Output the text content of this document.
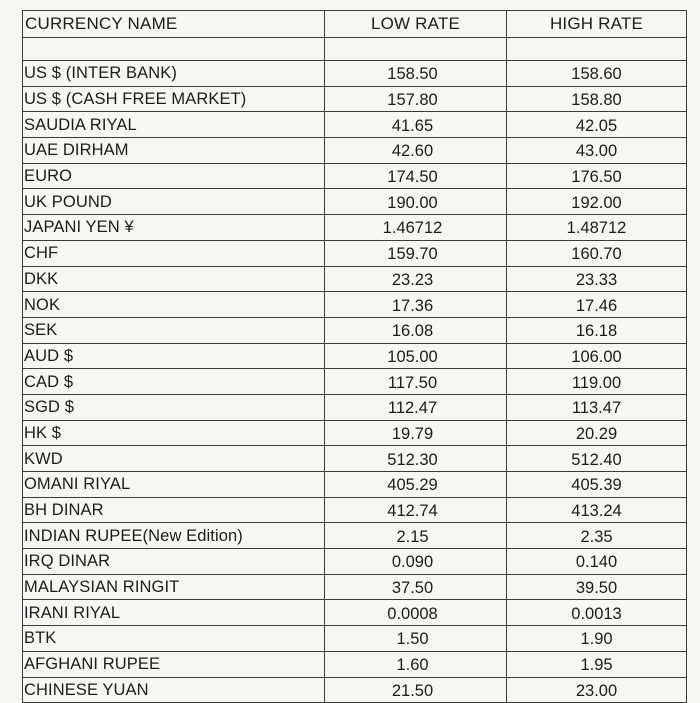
CURRENCY NAME	LOW RATE	HIGH RATE

US $ (INTER BANK)	158.50	158.60
US $ (CASH FREE MARKET)	157.80	158.80
SAUDIA RIYAL	41.65	42.05
UAE DIRHAM	42.60	43.00
EURO	174.50	176.50
UK POUND	190.00	192.00
JAPANI YEN ¥	1.46712	1.48712
CHF	159.70	160.70
DKK	23.23	23.33
NOK	17.36	17.46
SEK	16.08	16.18
AUD $	105.00	106.00
CAD $	117.50	119.00
SGD $	112.47	113.47
HK $	19.79	20.29
KWD	512.30	512.40
OMANI RIYAL	405.29	405.39
BH DINAR	412.74	413.24
INDIAN RUPEE(New Edition)	2.15	2.35
IRQ DINAR	0.090	0.140
MALAYSIAN RINGIT	37.50	39.50
IRANI RIYAL	0.0008	0.0013
BTK	1.50	1.90
AFGHANI RUPEE	1.60	1.95
CHINESE YUAN	21.50	23.00
